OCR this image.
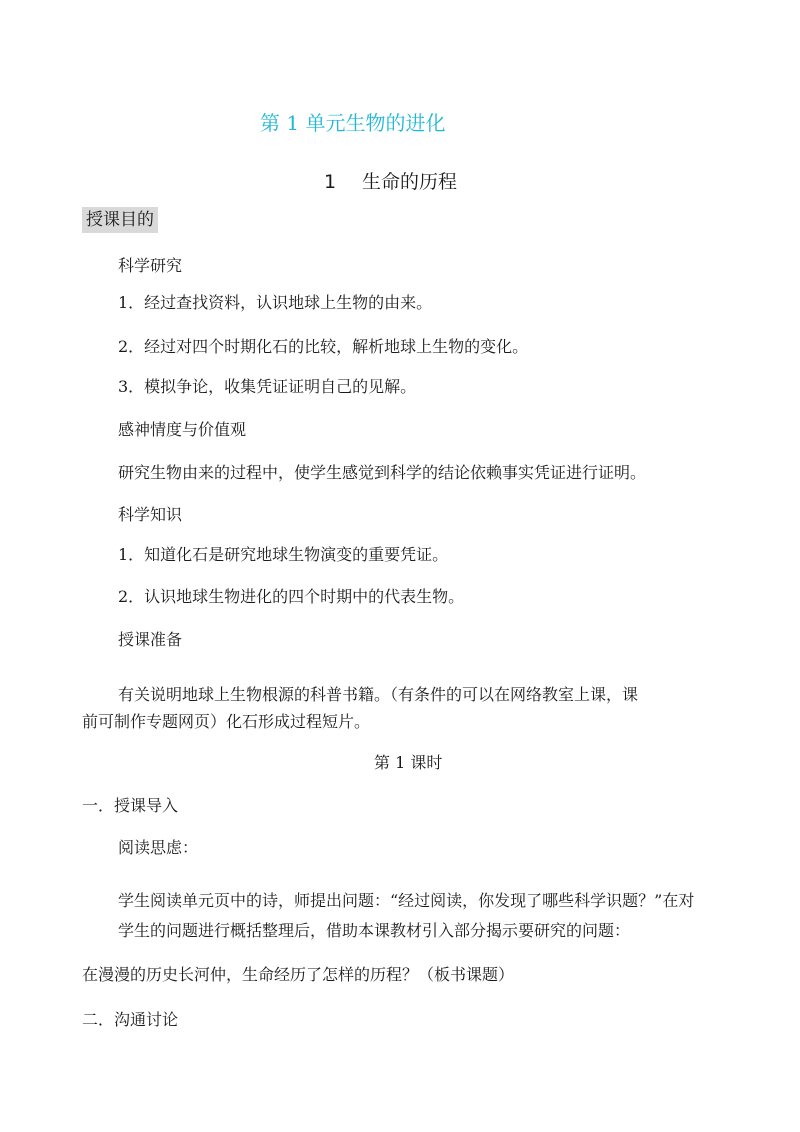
第 1 单元生物的进化
1 生命的历程
授课目的
科学研究
1．经过查找资料，认识地球上生物的由来。
2．经过对四个时期化石的比较，解析地球上生物的变化。
3．模拟争论，收集凭证证明自己的见解。
感神情度与价值观
研究生物由来的过程中，使学生感觉到科学的结论依赖事实凭证进行证明。
科学知识
1．知道化石是研究地球生物演变的重要凭证。
2．认识地球生物进化的四个时期中的代表生物。
授课准备
有关说明地球上生物根源的科普书籍。（有条件的可以在网络教室上课，课
前可制作专题网页）化石形成过程短片。
第 1 课时
一．授课导入
阅读思虑：
学生阅读单元页中的诗，师提出问题：“经过阅读，你发现了哪些科学识题？”在对
学生的问题进行概括整理后，借助本课教材引入部分揭示要研究的问题：
在漫漫的历史长河仲，生命经历了怎样的历程？（板书课题）
二．沟通讨论
